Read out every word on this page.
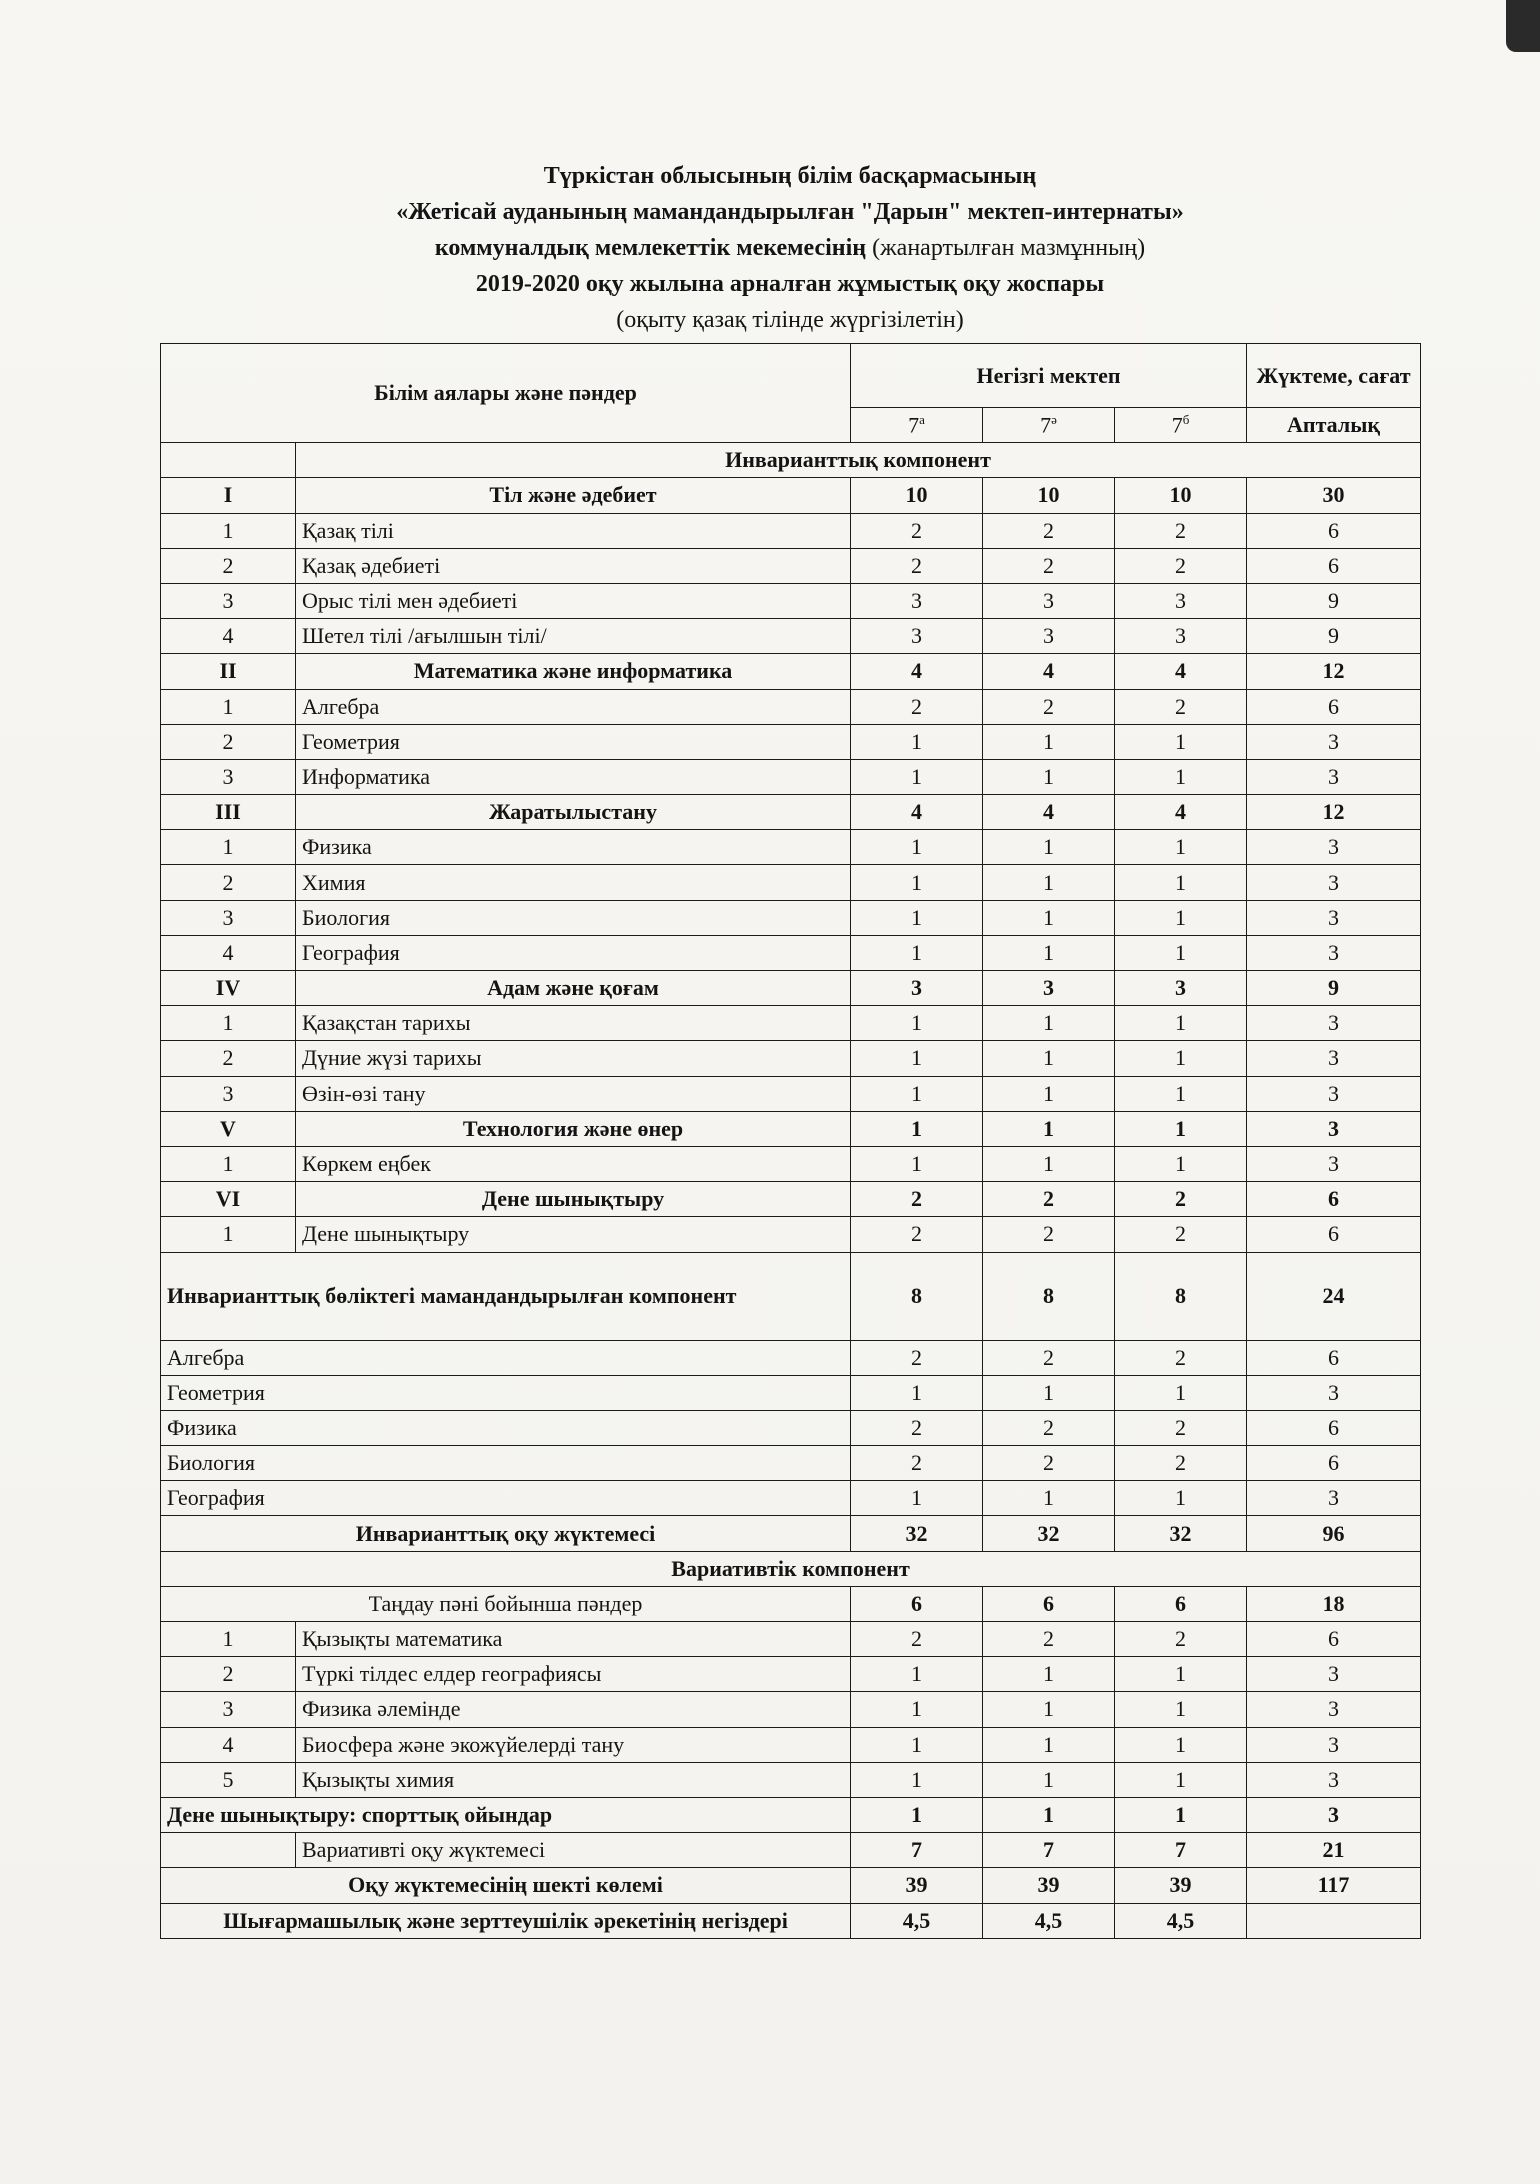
Түркістан облысының білім басқармасының
«Жетісай ауданының мамандандырылған "Дарын" мектеп-интернаты»
коммуналдық мемлекеттік мекемесінің (жанартылған мазмұнның)
2019-2020 оқу жылына арналған жұмыстық оқу жоспары
(оқыту қазақ тілінде жүргізілетін)
Білім аялары және пәндер		Негізгі мектеп			Жүктеме, сағат
		$7^а$	$7^ә$	$7^б$	Апталық
	Инварианттық компонент				
I	Тіл және әдебиет	10	10	10	30
1	Қазақ тілі	2	2	2	6
2	Қазақ әдебиеті	2	2	2	6
3	Орыс тілі мен әдебиеті	3	3	3	9
4	Шетел тілі /ағылшын тілі/	3	3	3	9
II	Математика және информатика	4	4	4	12
1	Алгебра	2	2	2	6
2	Геометрия	1	1	1	3
3	Информатика	1	1	1	3
III	Жаратылыстану	4	4	4	12
1	Физика	1	1	1	3
2	Химия	1	1	1	3
3	Биология	1	1	1	3
4	География	1	1	1	3
IV	Адам және қоғам	3	3	3	9
1	Қазақстан тарихы	1	1	1	3
2	Дүние жүзі тарихы	1	1	1	3
3	Өзін-өзі тану	1	1	1	3
V	Технология және өнер	1	1	1	3
1	Көркем еңбек	1	1	1	3
VI	Дене шынықтыру	2	2	2	6
1	Дене шынықтыру	2	2	2	6
Инварианттық бөліктегі мамандандырылған компонент		8	8	8	24
Алгебра		2	2	2	6
Геометрия		1	1	1	3
Физика		2	2	2	6
Биология		2	2	2	6
География		1	1	1	3
Инварианттық оқу жүктемесі		32	32	32	96
Вариативтік компонент					
Таңдау пәні бойынша пәндер		6	6	6	18
1	Қызықты математика	2	2	2	6
2	Түркі тілдес елдер географиясы	1	1	1	3
3	Физика әлемінде	1	1	1	3
4	Биосфера және экожүйелерді тану	1	1	1	3
5	Қызықты химия	1	1	1	3
Дене шынықтыру: спорттық ойындар		1	1	1	3
	Вариативті оқу жүктемесі	7	7	7	21
Оқу жүктемесінің шекті көлемі		39	39	39	117
Шығармашылық және зерттеушілік әрекетінің негіздері		4,5	4,5	4,5	
